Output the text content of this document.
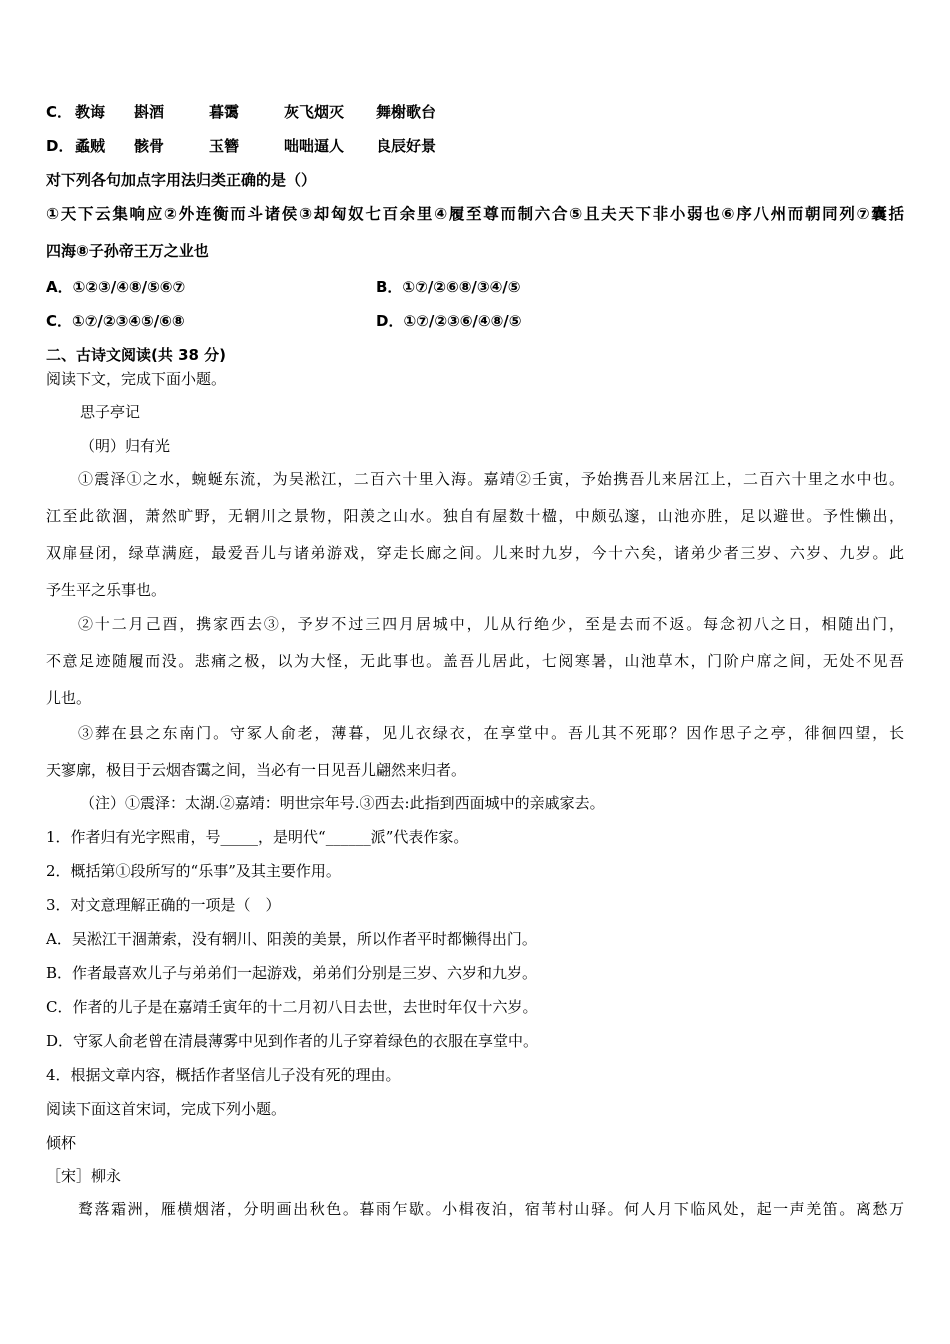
C． 教诲 斟酒	暮霭	灰飞烟灭 舞榭歌台
D． 蟊贼 骸骨	玉簪	咄咄逼人 良辰好景
对下列各句加点字用法归类正确的是（）
①天下云集响应②外连衡而斗诸侯③却匈奴七百余里④履至尊而制六合⑤且夫天下非小弱也⑥序八州而朝同列⑦囊括
四海⑧子孙帝王万之业也
A．①②③/④⑧/⑤⑥⑦	B．①⑦/②⑥⑧/③④/⑤
C．①⑦/②③④⑤/⑥⑧	D．①⑦/②③⑥/④⑧/⑤
二、古诗文阅读(共 38 分)
阅读下文，完成下面小题。
思子亭记
（明）归有光
①震泽①之水，蜿蜒东流，为吴淞江，二百六十里入海。嘉靖②壬寅，予始携吾儿来居江上，二百六十里之水中也。
江至此欲涸，萧然旷野，无辋川之景物，阳羡之山水。独自有屋数十楹，中颇弘邃，山池亦胜，足以避世。予性懒出，
双扉昼闭，绿草满庭，最爱吾儿与诸弟游戏，穿走长廊之间。儿来时九岁，今十六矣，诸弟少者三岁、六岁、九岁。此
予生平之乐事也。
②十二月己酉，携家西去③，予岁不过三四月居城中，儿从行绝少，至是去而不返。每念初八之日，相随出门，
不意足迹随履而没。悲痛之极，以为大怪，无此事也。盖吾儿居此，七阅寒暑，山池草木，门阶户席之间，无处不见吾
儿也。
③葬在县之东南门。守冢人俞老，薄暮，见儿衣绿衣，在享堂中。吾儿其不死耶？因作思子之亭，徘徊四望，长
天寥廓，极目于云烟杳霭之间，当必有一日见吾儿翩然来归者。
（注）①震泽：太湖.②嘉靖：明世宗年号.③西去:此指到西面城中的亲戚家去。
1．作者归有光字熙甫，号_____，是明代“______派”代表作家。
2．概括第①段所写的“乐事”及其主要作用。
3．对文意理解正确的一项是（　）
A．吴淞江干涸萧索，没有辋川、阳羡的美景，所以作者平时都懒得出门。
B．作者最喜欢儿子与弟弟们一起游戏，弟弟们分别是三岁、六岁和九岁。
C．作者的儿子是在嘉靖壬寅年的十二月初八日去世，去世时年仅十六岁。
D．守冢人俞老曾在清晨薄雾中见到作者的儿子穿着绿色的衣服在享堂中。
4．根据文章内容，概括作者坚信儿子没有死的理由。
阅读下面这首宋词，完成下列小题。
倾杯
［宋］柳永
鹜落霜洲，雁横烟渚，分明画出秋色。暮雨乍歇。小楫夜泊，宿苇村山驿。何人月下临风处，起一声羌笛。离愁万
